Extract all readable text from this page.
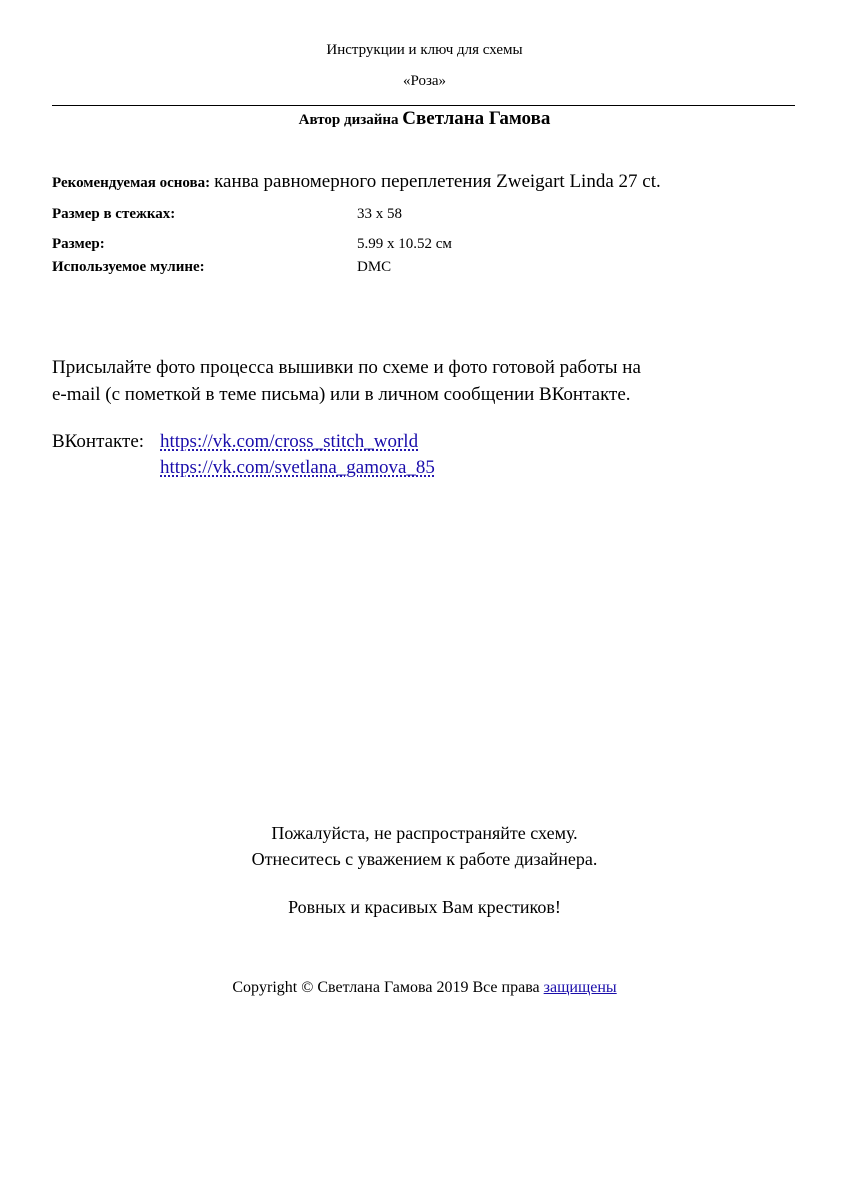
Инструкции и ключ для схемы
«Роза»
Автор дизайна Светлана Гамова
Рекомендуемая основа: канва равномерного переплетения Zweigart Linda 27 ct.
Размер в стежках:	33 x 58
Размер:	5.99 x 10.52 см
Используемое мулине:	DMC
Присылайте фото процесса вышивки по схеме и фото готовой работы на
e-mail (с пометкой в теме письма) или в личном сообщении ВКонтакте.
ВКонтакте: https://vk.com/cross_stitch_world
https://vk.com/svetlana_gamova_85
Пожалуйста, не распространяйте схему.
Отнеситесь с уважением к работе дизайнера.
Ровных и красивых Вам крестиков!
Copyright © Светлана Гамова 2019 Все права защищены
